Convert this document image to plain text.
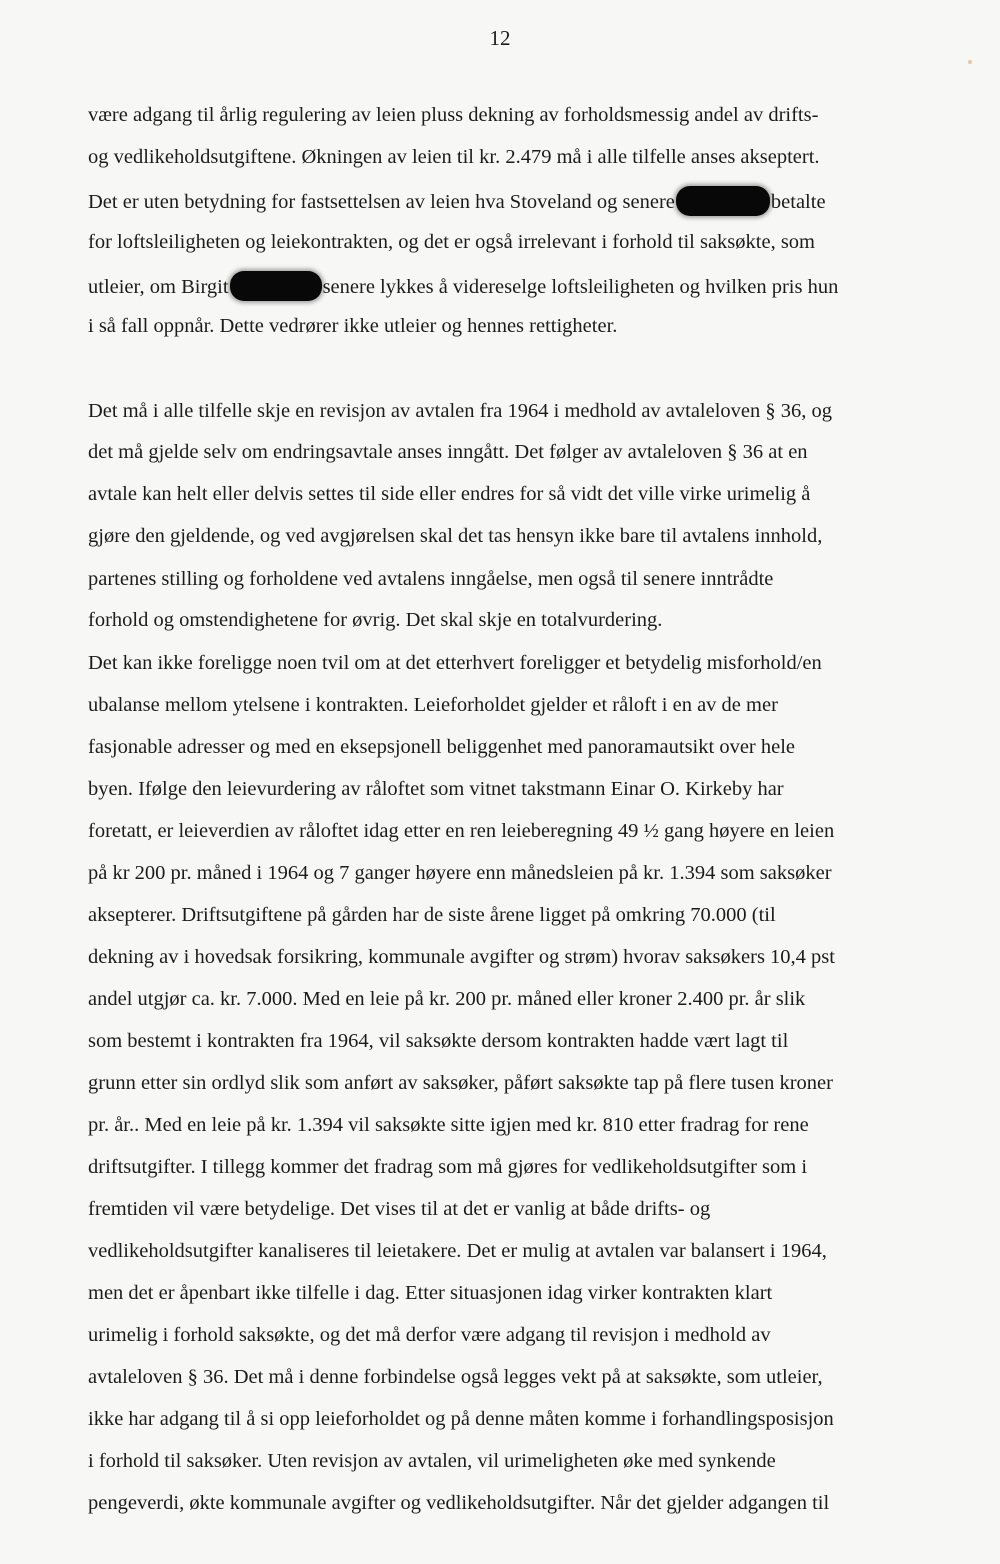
12
være adgang til årlig regulering av leien pluss dekning av forholdsmessig andel av drifts-
og vedlikeholdsutgiftene. Økningen av leien til kr. 2.479 må i alle tilfelle anses akseptert.
Det er uten betydning for fastsettelsen av leien hva Stoveland og senere	betalte
for loftsleiligheten og leiekontrakten, og det er også irrelevant i forhold til saksøkte, som
utleier, om Birgit	senere lykkes å videreselge loftsleiligheten og hvilken pris hun
i så fall oppnår. Dette vedrører ikke utleier og hennes rettigheter.
Det må i alle tilfelle skje en revisjon av avtalen fra 1964 i medhold av avtaleloven § 36, og
det må gjelde selv om endringsavtale anses inngått. Det følger av avtaleloven § 36 at en
avtale kan helt eller delvis settes til side eller endres for så vidt det ville virke urimelig å
gjøre den gjeldende, og ved avgjørelsen skal det tas hensyn ikke bare til avtalens innhold,
partenes stilling og forholdene ved avtalens inngåelse, men også til senere inntrådte
forhold og omstendighetene for øvrig. Det skal skje en totalvurdering.
Det kan ikke foreligge noen tvil om at det etterhvert foreligger et betydelig misforhold/en
ubalanse mellom ytelsene i kontrakten. Leieforholdet gjelder et råloft i en av de mer
fasjonable adresser og med en eksepsjonell beliggenhet med panoramautsikt over hele
byen. Ifølge den leievurdering av råloftet som vitnet takstmann Einar O. Kirkeby har
foretatt, er leieverdien av råloftet idag etter en ren leieberegning 49 ½ gang høyere en leien
på kr 200 pr. måned i 1964 og 7 ganger høyere enn månedsleien på kr. 1.394 som saksøker
aksepterer. Driftsutgiftene på gården har de siste årene ligget på omkring 70.000 (til
dekning av i hovedsak forsikring, kommunale avgifter og strøm) hvorav saksøkers 10,4 pst
andel utgjør ca. kr. 7.000. Med en leie på kr. 200 pr. måned eller kroner 2.400 pr. år slik
som bestemt i kontrakten fra 1964, vil saksøkte dersom kontrakten hadde vært lagt til
grunn etter sin ordlyd slik som anført av saksøker, påført saksøkte tap på flere tusen kroner
pr. år.. Med en leie på kr. 1.394 vil saksøkte sitte igjen med kr. 810 etter fradrag for rene
driftsutgifter. I tillegg kommer det fradrag som må gjøres for vedlikeholdsutgifter som i
fremtiden vil være betydelige. Det vises til at det er vanlig at både drifts- og
vedlikeholdsutgifter kanaliseres til leietakere. Det er mulig at avtalen var balansert i 1964,
men det er åpenbart ikke tilfelle i dag. Etter situasjonen idag virker kontrakten klart
urimelig i forhold saksøkte, og det må derfor være adgang til revisjon i medhold av
avtaleloven § 36. Det må i denne forbindelse også legges vekt på at saksøkte, som utleier,
ikke har adgang til å si opp leieforholdet og på denne måten komme i forhandlingsposisjon
i forhold til saksøker. Uten revisjon av avtalen, vil urimeligheten øke med synkende
pengeverdi, økte kommunale avgifter og vedlikeholdsutgifter. Når det gjelder adgangen til
